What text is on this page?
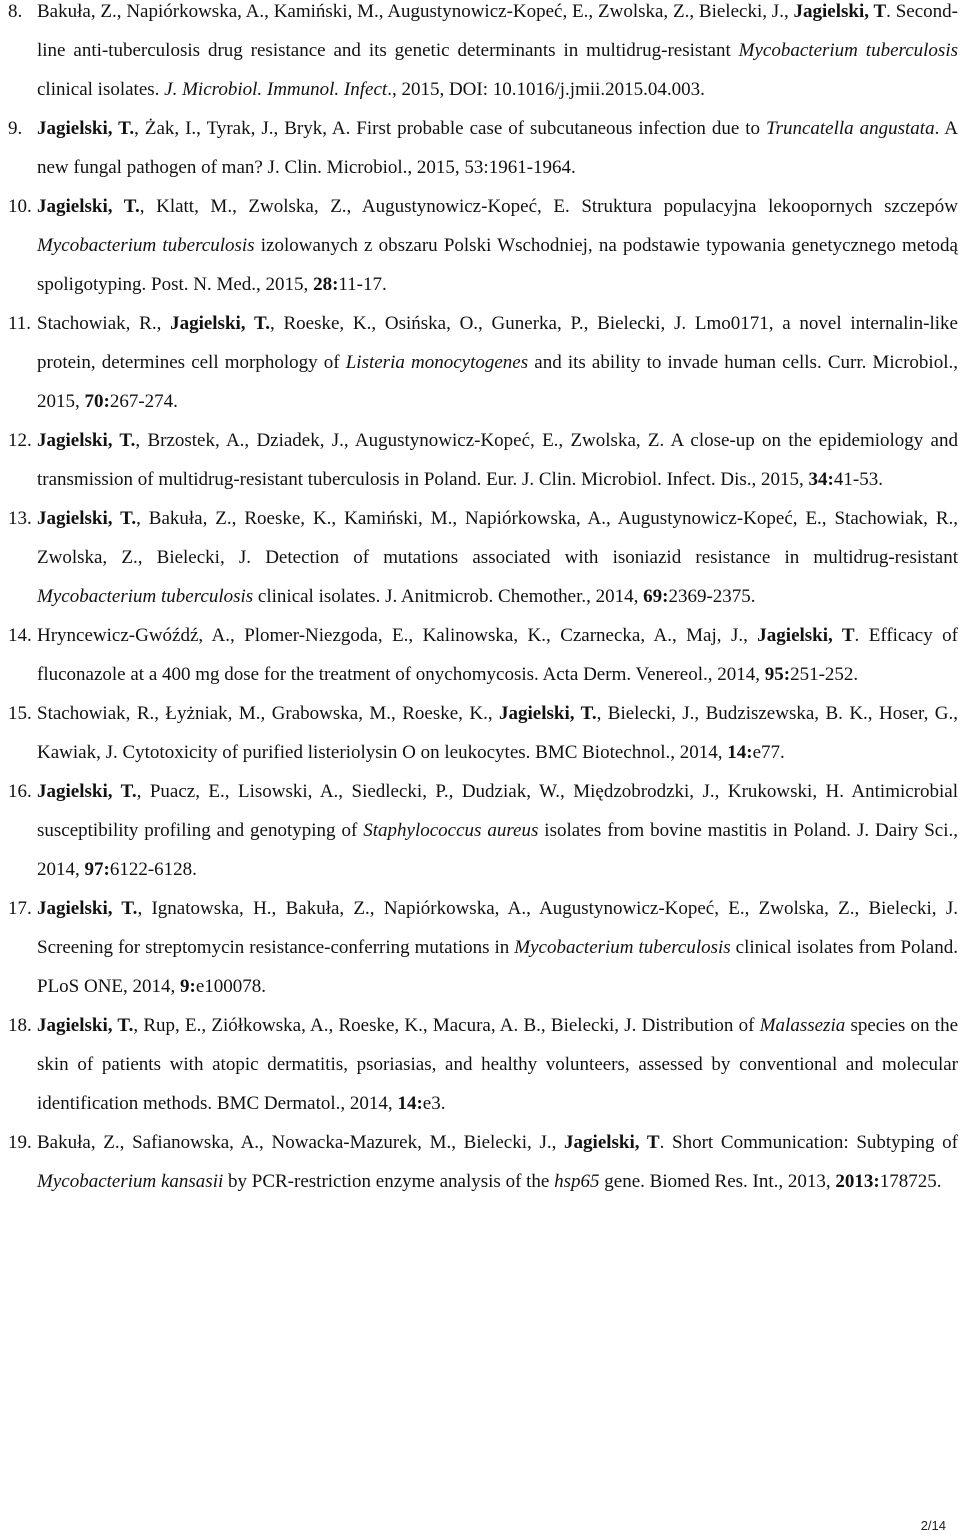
8. Bakuła, Z., Napiórkowska, A., Kamiński, M., Augustynowicz-Kopeć, E., Zwolska, Z., Bielecki, J., Jagielski, T. Second-line anti-tuberculosis drug resistance and its genetic determinants in multidrug-resistant Mycobacterium tuberculosis clinical isolates. J. Microbiol. Immunol. Infect., 2015, DOI: 10.1016/j.jmii.2015.04.003.
9. Jagielski, T., Żak, I., Tyrak, J., Bryk, A. First probable case of subcutaneous infection due to Truncatella angustata. A new fungal pathogen of man? J. Clin. Microbiol., 2015, 53:1961-1964.
10. Jagielski, T., Klatt, M., Zwolska, Z., Augustynowicz-Kopeć, E. Struktura populacyjna lekoopornych szczepów Mycobacterium tuberculosis izolowanych z obszaru Polski Wschodniej, na podstawie typowania genetycznego metodą spoligotyping. Post. N. Med., 2015, 28:11-17.
11. Stachowiak, R., Jagielski, T., Roeske, K., Osińska, O., Gunerka, P., Bielecki, J. Lmo0171, a novel internalin-like protein, determines cell morphology of Listeria monocytogenes and its ability to invade human cells. Curr. Microbiol., 2015, 70:267-274.
12. Jagielski, T., Brzostek, A., Dziadek, J., Augustynowicz-Kopeć, E., Zwolska, Z. A close-up on the epidemiology and transmission of multidrug-resistant tuberculosis in Poland. Eur. J. Clin. Microbiol. Infect. Dis., 2015, 34:41-53.
13. Jagielski, T., Bakuła, Z., Roeske, K., Kamiński, M., Napiórkowska, A., Augustynowicz-Kopeć, E., Stachowiak, R., Zwolska, Z., Bielecki, J. Detection of mutations associated with isoniazid resistance in multidrug-resistant Mycobacterium tuberculosis clinical isolates. J. Anitmicrob. Chemother., 2014, 69:2369-2375.
14. Hryncewicz-Gwóźdź, A., Plomer-Niezgoda, E., Kalinowska, K., Czarnecka, A., Maj, J., Jagielski, T. Efficacy of fluconazole at a 400 mg dose for the treatment of onychomycosis. Acta Derm. Venereol., 2014, 95:251-252.
15. Stachowiak, R., Łyżniak, M., Grabowska, M., Roeske, K., Jagielski, T., Bielecki, J., Budziszewska, B. K., Hoser, G., Kawiak, J. Cytotoxicity of purified listeriolysin O on leukocytes. BMC Biotechnol., 2014, 14:e77.
16. Jagielski, T., Puacz, E., Lisowski, A., Siedlecki, P., Dudziak, W., Międzobrodzki, J., Krukowski, H. Antimicrobial susceptibility profiling and genotyping of Staphylococcus aureus isolates from bovine mastitis in Poland. J. Dairy Sci., 2014, 97:6122-6128.
17. Jagielski, T., Ignatowska, H., Bakuła, Z., Napiórkowska, A., Augustynowicz-Kopeć, E., Zwolska, Z., Bielecki, J. Screening for streptomycin resistance-conferring mutations in Mycobacterium tuberculosis clinical isolates from Poland. PLoS ONE, 2014, 9:e100078.
18. Jagielski, T., Rup, E., Ziółkowska, A., Roeske, K., Macura, A. B., Bielecki, J. Distribution of Malassezia species on the skin of patients with atopic dermatitis, psoriasias, and healthy volunteers, assessed by conventional and molecular identification methods. BMC Dermatol., 2014, 14:e3.
19. Bakuła, Z., Safianowska, A., Nowacka-Mazurek, M., Bielecki, J., Jagielski, T. Short Communication: Subtyping of Mycobacterium kansasii by PCR-restriction enzyme analysis of the hsp65 gene. Biomed Res. Int., 2013, 2013:178725.
2/14
